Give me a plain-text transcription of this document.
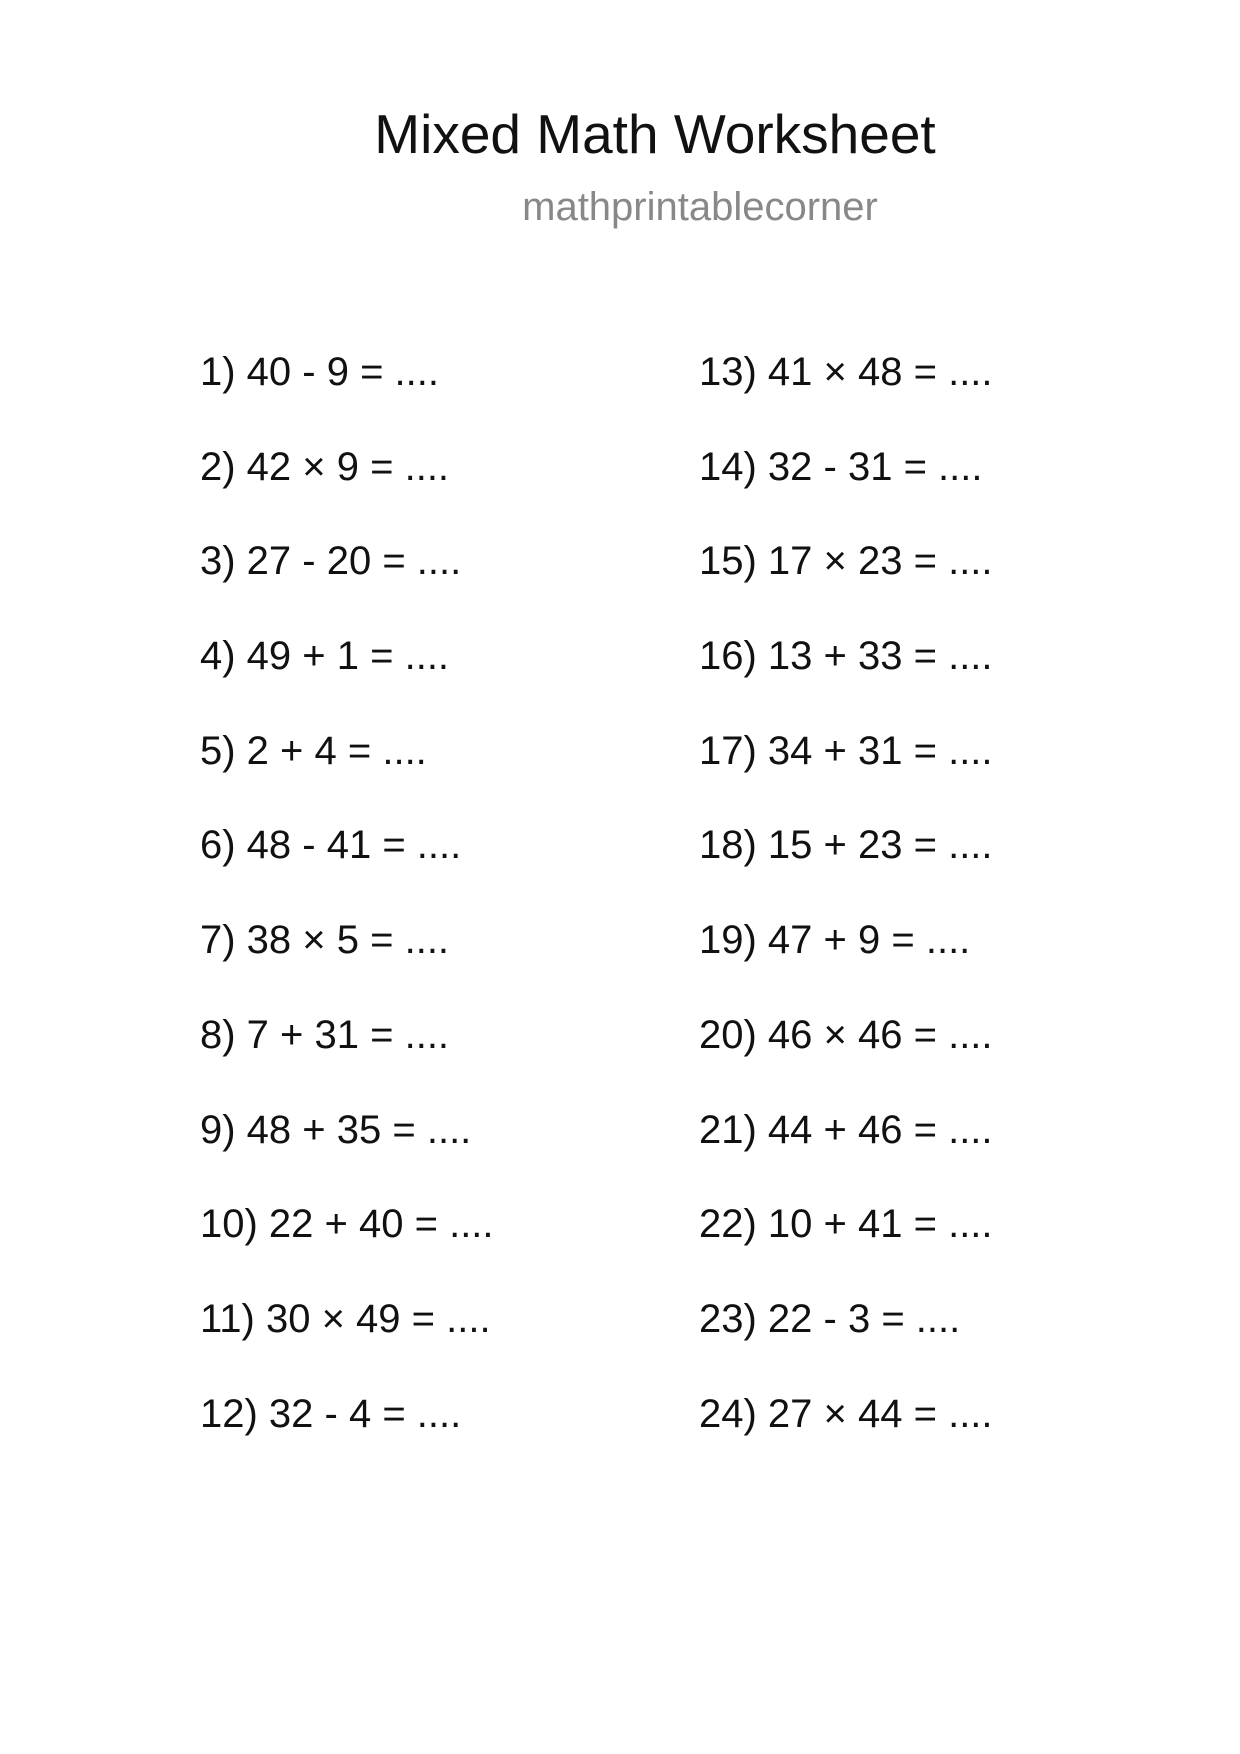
Mixed Math Worksheet
mathprintablecorner
1) 40 - 9 = ....
2) 42 × 9 = ....
3) 27 - 20 = ....
4) 49 + 1 = ....
5) 2 + 4 = ....
6) 48 - 41 = ....
7) 38 × 5 = ....
8) 7 + 31 = ....
9) 48 + 35 = ....
10) 22 + 40 = ....
11) 30 × 49 = ....
12) 32 - 4 = ....
13) 41 × 48 = ....
14) 32 - 31 = ....
15) 17 × 23 = ....
16) 13 + 33 = ....
17) 34 + 31 = ....
18) 15 + 23 = ....
19) 47 + 9 = ....
20) 46 × 46 = ....
21) 44 + 46 = ....
22) 10 + 41 = ....
23) 22 - 3 = ....
24) 27 × 44 = ....
